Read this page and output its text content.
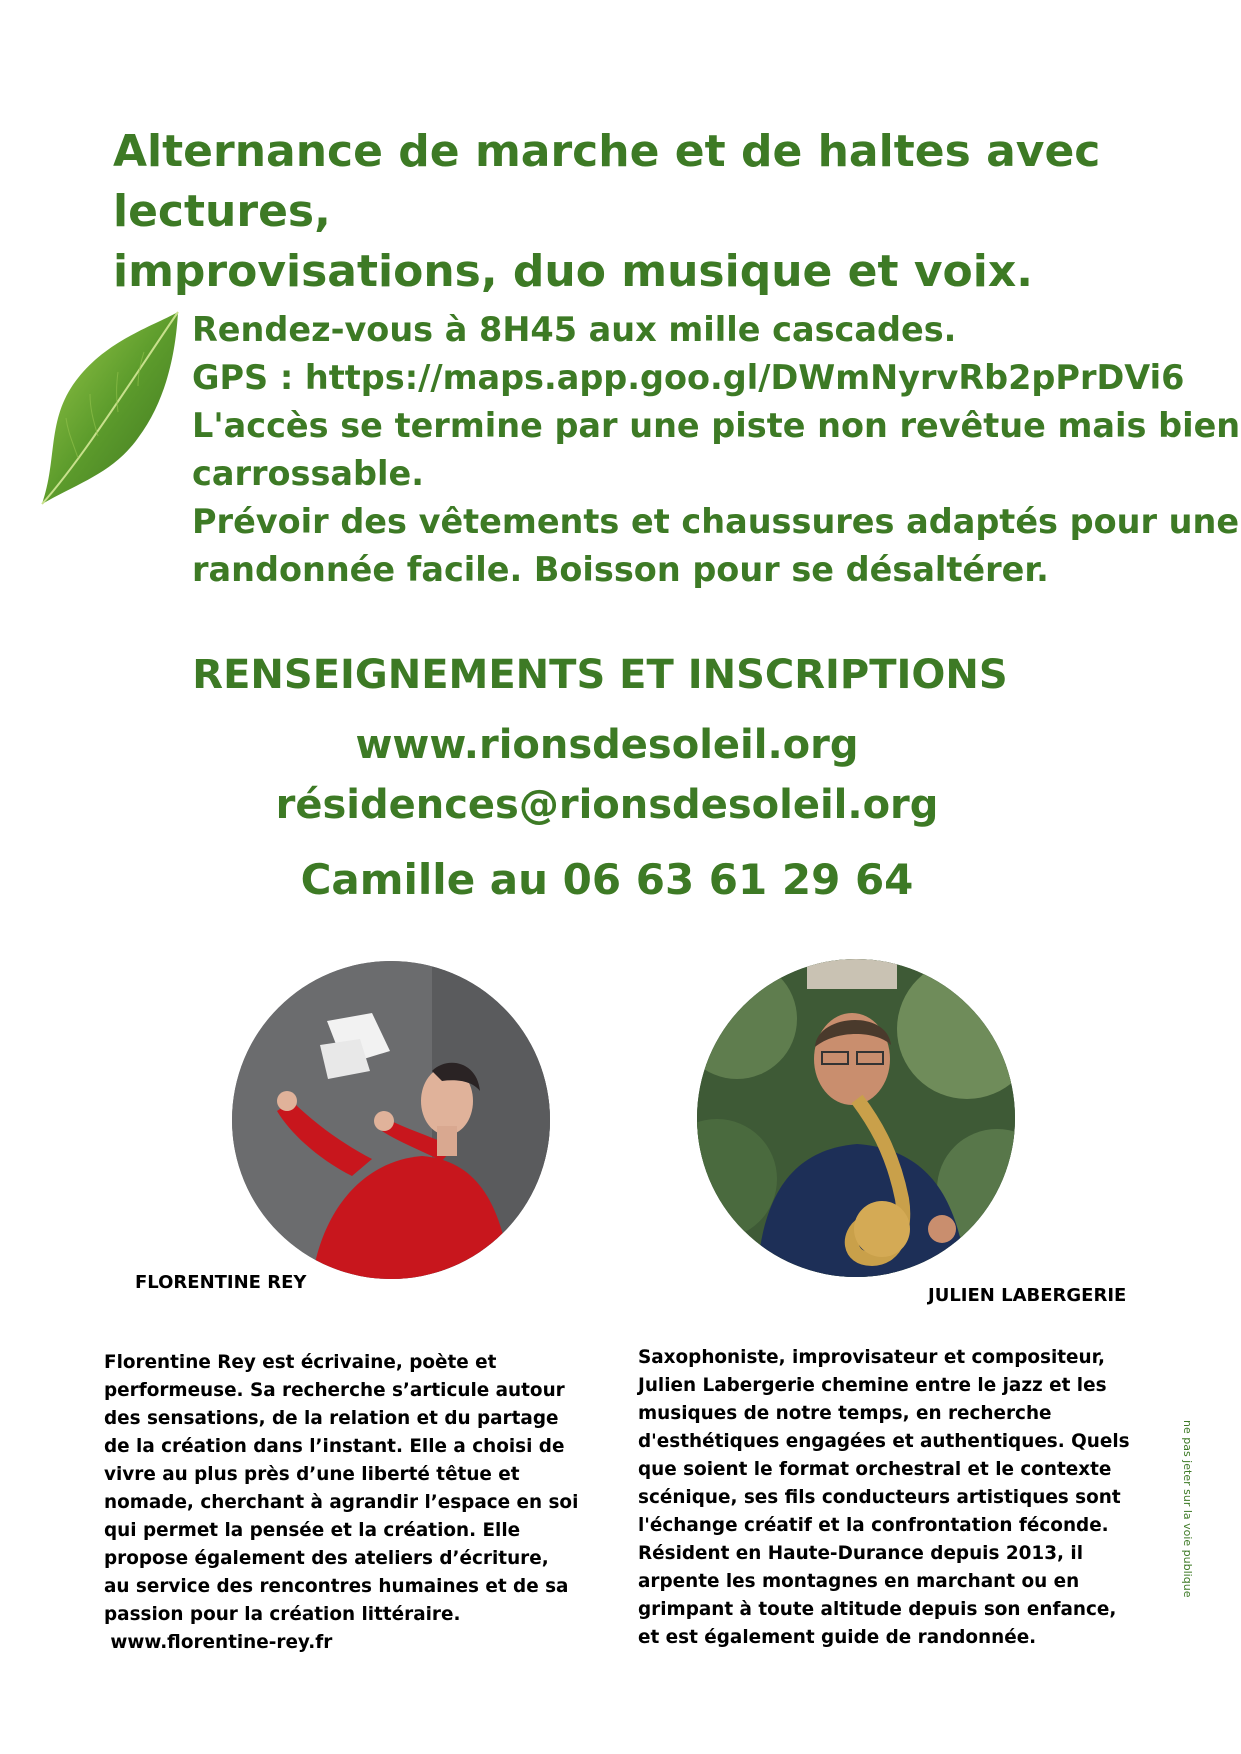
Alternance de marche et de haltes avec lectures,
improvisations, duo musique et voix.
Rendez-vous à 8H45 aux mille cascades.
GPS : https://maps.app.goo.gl/DWmNyrvRb2pPrDVi6
L'accès se termine par une piste non revêtue mais bien
carrossable.
Prévoir des vêtements et chaussures adaptés pour une
randonnée facile. Boisson pour se désaltérer.
RENSEIGNEMENTS ET INSCRIPTIONS
www.rionsdesoleil.org
résidences@rionsdesoleil.org
Camille au 06 63 61 29 64
FLORENTINE REY
JULIEN LABERGERIE
Florentine Rey est écrivaine, poète et
performeuse. Sa recherche s’articule autour
des sensations, de la relation et du partage
de la création dans l’instant. Elle a choisi de
vivre au plus près d’une liberté têtue et
nomade, cherchant à agrandir l’espace en soi
qui permet la pensée et la création. Elle
propose également des ateliers d’écriture,
au service des rencontres humaines et de sa
passion pour la création littéraire.
www.florentine-rey.fr
Saxophoniste, improvisateur et compositeur,
Julien Labergerie chemine entre le jazz et les
musiques de notre temps, en recherche
d'esthétiques engagées et authentiques. Quels
que soient le format orchestral et le contexte
scénique, ses fils conducteurs artistiques sont
l'échange créatif et la confrontation féconde.
Résident en Haute-Durance depuis 2013, il
arpente les montagnes en marchant ou en
grimpant à toute altitude depuis son enfance,
et est également guide de randonnée.
ne pas jeter sur la voie publique
